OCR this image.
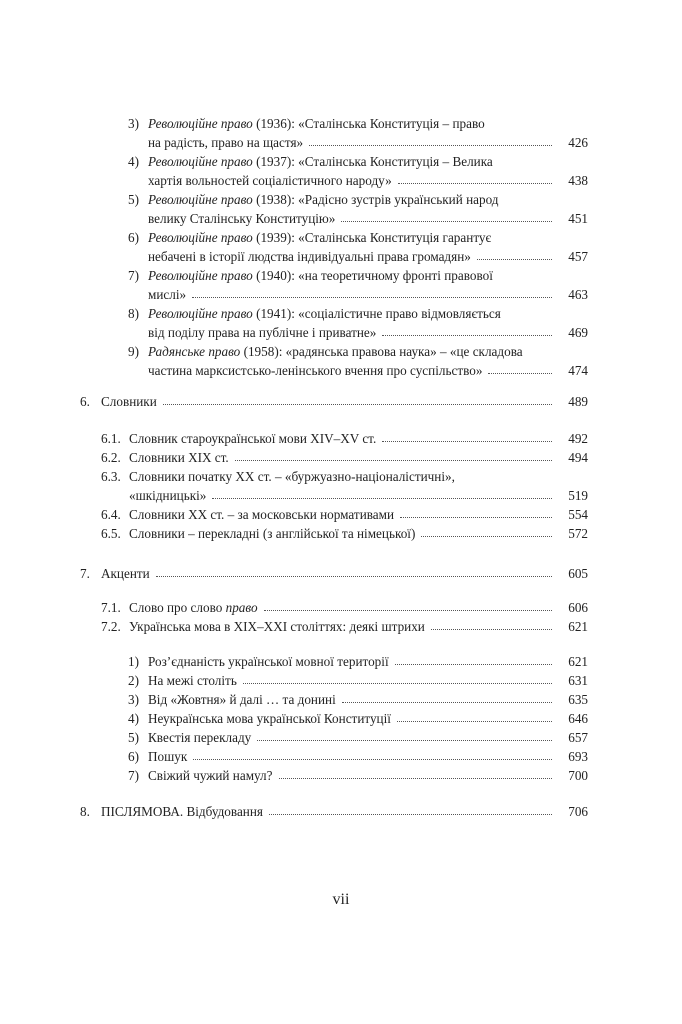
3) Революційне право (1936): «Сталінська Конституція – право
на радість, право на щастя»	426
4) Революційне право (1937): «Сталінська Конституція – Велика
хартія вольностей соціалістичного народу»	438
5) Революційне право (1938): «Радісно зустрів український народ
велику Сталінську Конституцію»	451
6) Революційне право (1939): «Сталінська Конституція гарантує
небачені в історії людства індивідуальні права громадян»	457
7) Революційне право (1940): «на теоретичному фронті правової
мислі»	463
8) Революційне право (1941): «соціалістичне право відмовляється
від поділу права на публічне і приватне»	469
9) Радянське право (1958): «радянська правова наука» – «це складова
частина марксистсько-ленінського вчення про суспільство»	474
6. Словники	489
6.1. Словник староукраїнської мови XIV–XV ст.	492
6.2. Словники XIX ст.	494
6.3. Словники початку ХХ ст. – «буржуазно-націоналістичні»,
«шкідницькі»	519
6.4. Словники ХХ ст. – за московськи нормативами	554
6.5. Словники – перекладні (з англійської та німецької)	572
7. Акценти	605
7.1. Слово про слово право	606
7.2. Українська мова в XIX–XXI століттях: деякі штрихи	621
1) Роз’єднаність української мовної території	621
2) На межі століть	631
3) Від «Жовтня» й далі … та донині	635
4) Неукраїнська мова української Конституції	646
5) Квестія перекладу	657
6) Пошук	693
7) Свіжий чужий намул?	700
8. ПІСЛЯМОВА. Відбудовання	706
vii
